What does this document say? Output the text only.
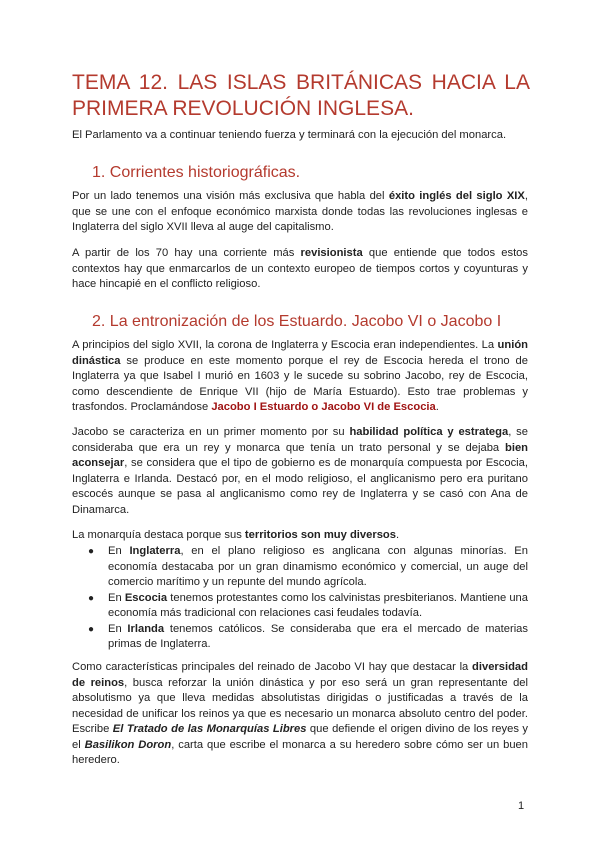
TEMA 12. LAS ISLAS BRITÁNICAS HACIA LA
PRIMERA REVOLUCIÓN INGLESA.

El Parlamento va a continuar teniendo fuerza y terminará con la ejecución del monarca.

1. Corrientes historiográficas.

Por un lado tenemos una visión más exclusiva que habla del éxito inglés del siglo XIX, que se une con el enfoque económico marxista donde todas las revoluciones inglesas e Inglaterra del siglo XVII lleva al auge del capitalismo.

A partir de los 70 hay una corriente más revisionista que entiende que todos estos contextos hay que enmarcarlos de un contexto europeo de tiempos cortos y coyunturas y hace hincapié en el conflicto religioso.

2. La entronización de los Estuardo. Jacobo VI o Jacobo I

A principios del siglo XVII, la corona de Inglaterra y Escocia eran independientes. La unión dinástica se produce en este momento porque el rey de Escocia hereda el trono de Inglaterra ya que Isabel I murió en 1603 y le sucede su sobrino Jacobo, rey de Escocia, como descendiente de Enrique VII (hijo de María Estuardo). Esto trae problemas y trasfondos. Proclamándose Jacobo I Estuardo o Jacobo VI de Escocia.

Jacobo se caracteriza en un primer momento por su habilidad política y estratega, se consideraba que era un rey y monarca que tenía un trato personal y se dejaba bien aconsejar, se considera que el tipo de gobierno es de monarquía compuesta por Escocia, Inglaterra e Irlanda. Destacó por, en el modo religioso, el anglicanismo pero era puritano escocés aunque se pasa al anglicanismo como rey de Inglaterra y se casó con Ana de Dinamarca.

La monarquía destaca porque sus territorios son muy diversos.

● En Inglaterra, en el plano religioso es anglicana con algunas minorías. En economía destacaba por un gran dinamismo económico y comercial, un auge del comercio marítimo y un repunte del mundo agrícola.
● En Escocia tenemos protestantes como los calvinistas presbiterianos. Mantiene una economía más tradicional con relaciones casi feudales todavía.
● En Irlanda tenemos católicos. Se consideraba que era el mercado de materias primas de Inglaterra.

Como características principales del reinado de Jacobo VI hay que destacar la diversidad de reinos, busca reforzar la unión dinástica y por eso será un gran representante del absolutismo ya que lleva medidas absolutistas dirigidas o justificadas a través de la necesidad de unificar los reinos ya que es necesario un monarca absoluto centro del poder. Escribe El Tratado de las Monarquías Libres que defiende el origen divino de los reyes y el Basilikon Doron, carta que escribe el monarca a su heredero sobre cómo ser un buen heredero.

1
